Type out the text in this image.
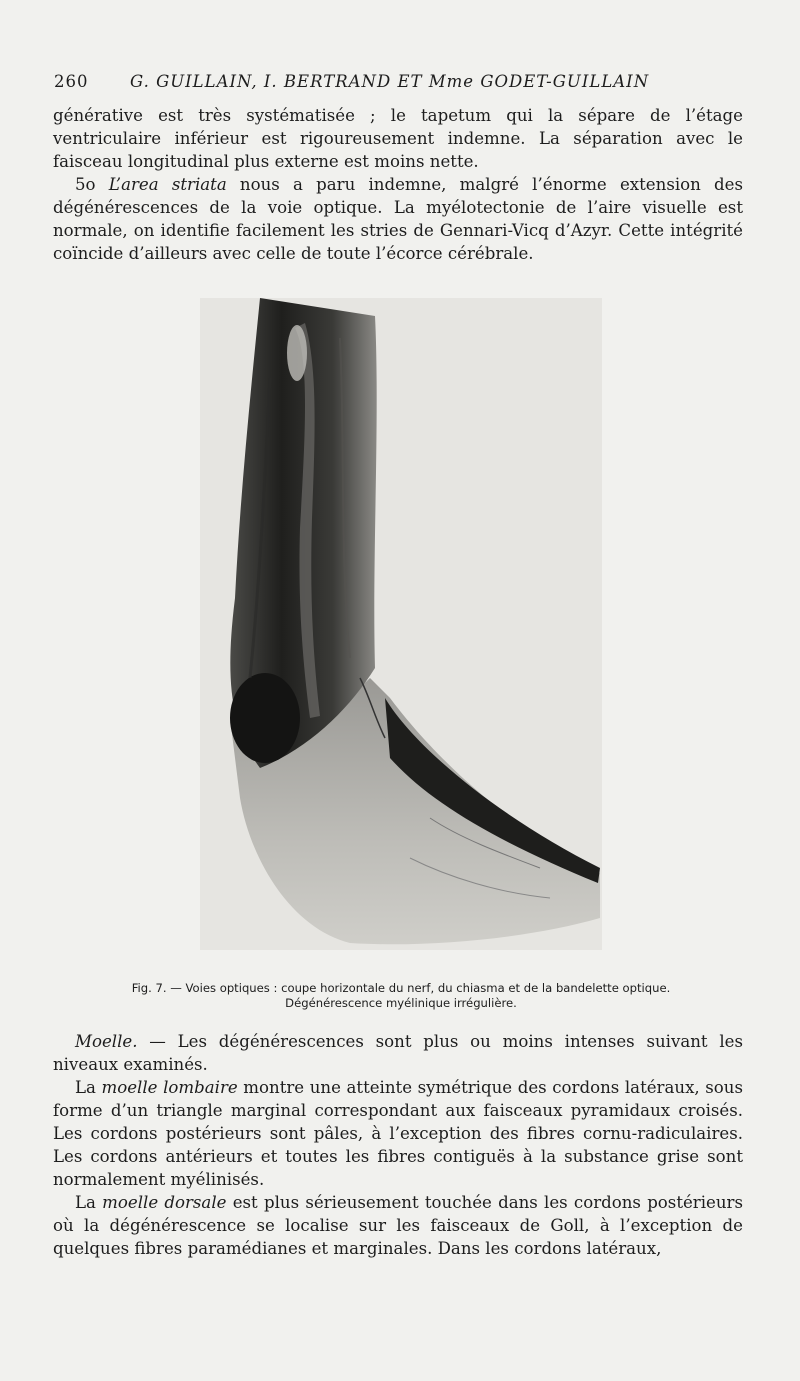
260	G. GUILLAIN, I. BERTRAND ET Mme GODET-GUILLAIN

générative est très systématisée ; le tapetum qui la sépare de l’étage ventriculaire inférieur est rigoureusement indemne. La séparation avec le faisceau longitudinal plus externe est moins nette.

5o L’area striata nous a paru indemne, malgré l’énorme extension des dégénérescences de la voie optique. La myélotectonie de l’aire visuelle est normale, on identifie facilement les stries de Gennari-Vicq d’Azyr. Cette intégrité coïncide d’ailleurs avec celle de toute l’écorce cérébrale.

Fig. 7. — Voies optiques : coupe horizontale du nerf, du chiasma et de la bandelette optique.
Dégénérescence myélinique irrégulière.

Moelle. — Les dégénérescences sont plus ou moins intenses suivant les niveaux examinés.

La moelle lombaire montre une atteinte symétrique des cordons latéraux, sous forme d’un triangle marginal correspondant aux faisceaux pyramidaux croisés. Les cordons postérieurs sont pâles, à l’exception des fibres cornu-radiculaires. Les cordons antérieurs et toutes les fibres contiguës à la substance grise sont normalement myélinisés.

La moelle dorsale est plus sérieusement touchée dans les cordons postérieurs où la dégénérescence se localise sur les faisceaux de Goll, à l’exception de quelques fibres paramédianes et marginales. Dans les cordons latéraux,
